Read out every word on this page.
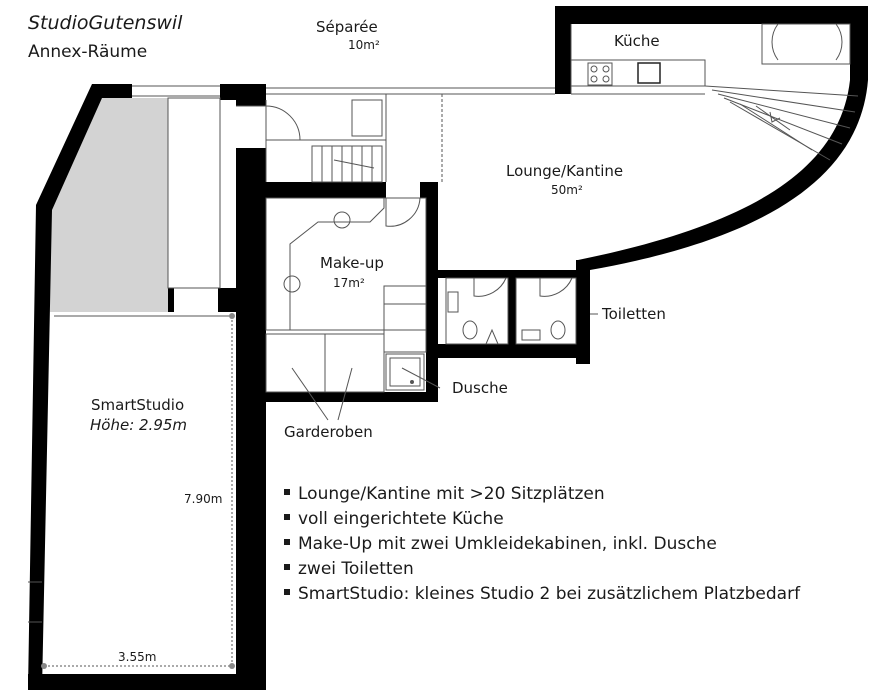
StudioGutenswil
Annex-Räume
Séparée
10m²	Küche
Lounge/Kantine
50m²
Make-up
17m²
Toiletten
Dusche
Garderoben
SmartStudio
Höhe: 2.95m
7.90m
3.55m
Lounge/Kantine mit >20 Sitzplätzen
voll eingerichtete Küche
Make-Up mit zwei Umkleidekabinen, inkl. Dusche
zwei Toiletten
SmartStudio: kleines Studio 2 bei zusätzlichem Platzbedarf
